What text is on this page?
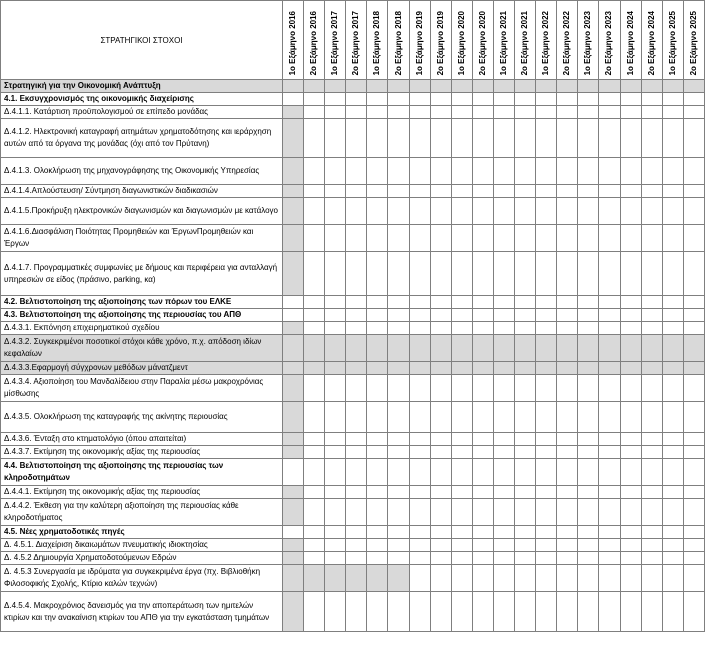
ΣΤΡΑΤΗΓΙΚΟΙ ΣΤΟΧΟΙ	1ο Εξάμηνο 2016	2ο Εξάμηνο 2016	1ο Εξάμηνο 2017	2ο Εξάμηνο 2017	1ο Εξάμηνο 2018	2ο Εξάμηνο 2018	1ο Εξάμηνο 2019	2ο Εξάμηνο 2019	1ο Εξάμηνο 2020	2ο Εξάμηνο 2020	1ο Εξάμηνο 2021	2ο Εξάμηνο 2021	1ο Εξάμηνο 2022	2ο Εξάμηνο 2022	1ο Εξάμηνο 2023	2ο Εξάμηνο 2023	1ο Εξάμηνο 2024	2ο Εξάμηνο 2024	1ο Εξάμηνο 2025	2ο Εξάμηνο 2025

Στρατηγική για την Οικονομική Ανάπτυξη																				
4.1. Εκσυγχρονισμός της οικονομικής διαχείρισης																				
Δ.4.1.1. Κατάρτιση προϋπολογισμού σε επίπεδο μονάδας																				
Δ.4.1.2. Ηλεκτρονική καταγραφή αιτημάτων χρηματοδότησης και ιεράρχηση αυτών από τα όργανα της μονάδας (όχι από τον Πρύτανη)																				
Δ.4.1.3. Ολοκλήρωση της μηχανογράφησης της Οικονομικής Υπηρεσίας																				
Δ.4.1.4.Απλούστευση/ Σύντμηση διαγωνιστικών διαδικασιών																				
Δ.4.1.5.Προκήρυξη ηλεκτρονικών διαγωνισμών και διαγωνισμών με κατάλογο																				
Δ.4.1.6.Διασφάλιση Ποιότητας Προμηθειών και ΈργωνΠρομηθειών και Έργων																				
Δ.4.1.7. Προγραμματικές συμφωνίες με δήμους και περιφέρεια για ανταλλαγή υπηρεσιών σε είδος (πράσινο, parking, κα)																				
4.2. Βελτιστοποίηση της αξιοποίησης των πόρων του ΕΛΚΕ																				
4.3. Βελτιστοποίηση της αξιοποίησης της περιουσίας του ΑΠΘ																				
Δ.4.3.1. Εκπόνηση επιχειρηματικού σχεδίου																				
Δ.4.3.2. Συγκεκριμένοι ποσοτικοί στόχοι κάθε χρόνο, π.χ. απόδοση ιδίων κεφαλαίων																				
Δ.4.3.3.Εφαρμογή σύγχρονων μεθόδων μάνατζμεντ																				
Δ.4.3.4. Αξιοποίηση του Μανδαλίδειου στην Παραλία μέσω μακροχρόνιας μίσθωσης																				
Δ.4.3.5. Ολοκλήρωση της καταγραφής της ακίνητης περιουσίας																				
Δ.4.3.6. Ένταξη στο κτηματολόγιο (όπου απαιτείται)																				
Δ.4.3.7. Εκτίμηση της οικονομικής αξίας της περιουσίας																				
4.4. Βελτιστοποίηση της αξιοποίησης της περιουσίας των κληροδοτημάτων																				
Δ.4.4.1. Εκτίμηση της οικονομικής αξίας της περιουσίας																				
Δ.4.4.2. Έκθεση για την καλύτερη αξιοποίηση της περιουσίας κάθε κληροδοτήματος																				
4.5. Νέες χρηματοδοτικές πηγές																				
Δ. 4.5.1. Διαχείριση δικαιωμάτων πνευματικής ιδιοκτησίας																				
Δ. 4.5.2 Δημιουργία Χρηματοδοτούμενων Εδρών																				
Δ. 4.5.3 Συνεργασία με ιδρύματα για συγκεκριμένα έργα (πχ. Βιβλιοθήκη Φιλοσοφικής Σχολής, Κτίριο καλών τεχνών)																				
Δ.4.5.4. Μακροχρόνιος δανεισμός για την αποπεράτωση των ημιτελών κτιρίων και την ανακαίνιση κτιρίων του ΑΠΘ για την εγκατάσταση τμημάτων																				
